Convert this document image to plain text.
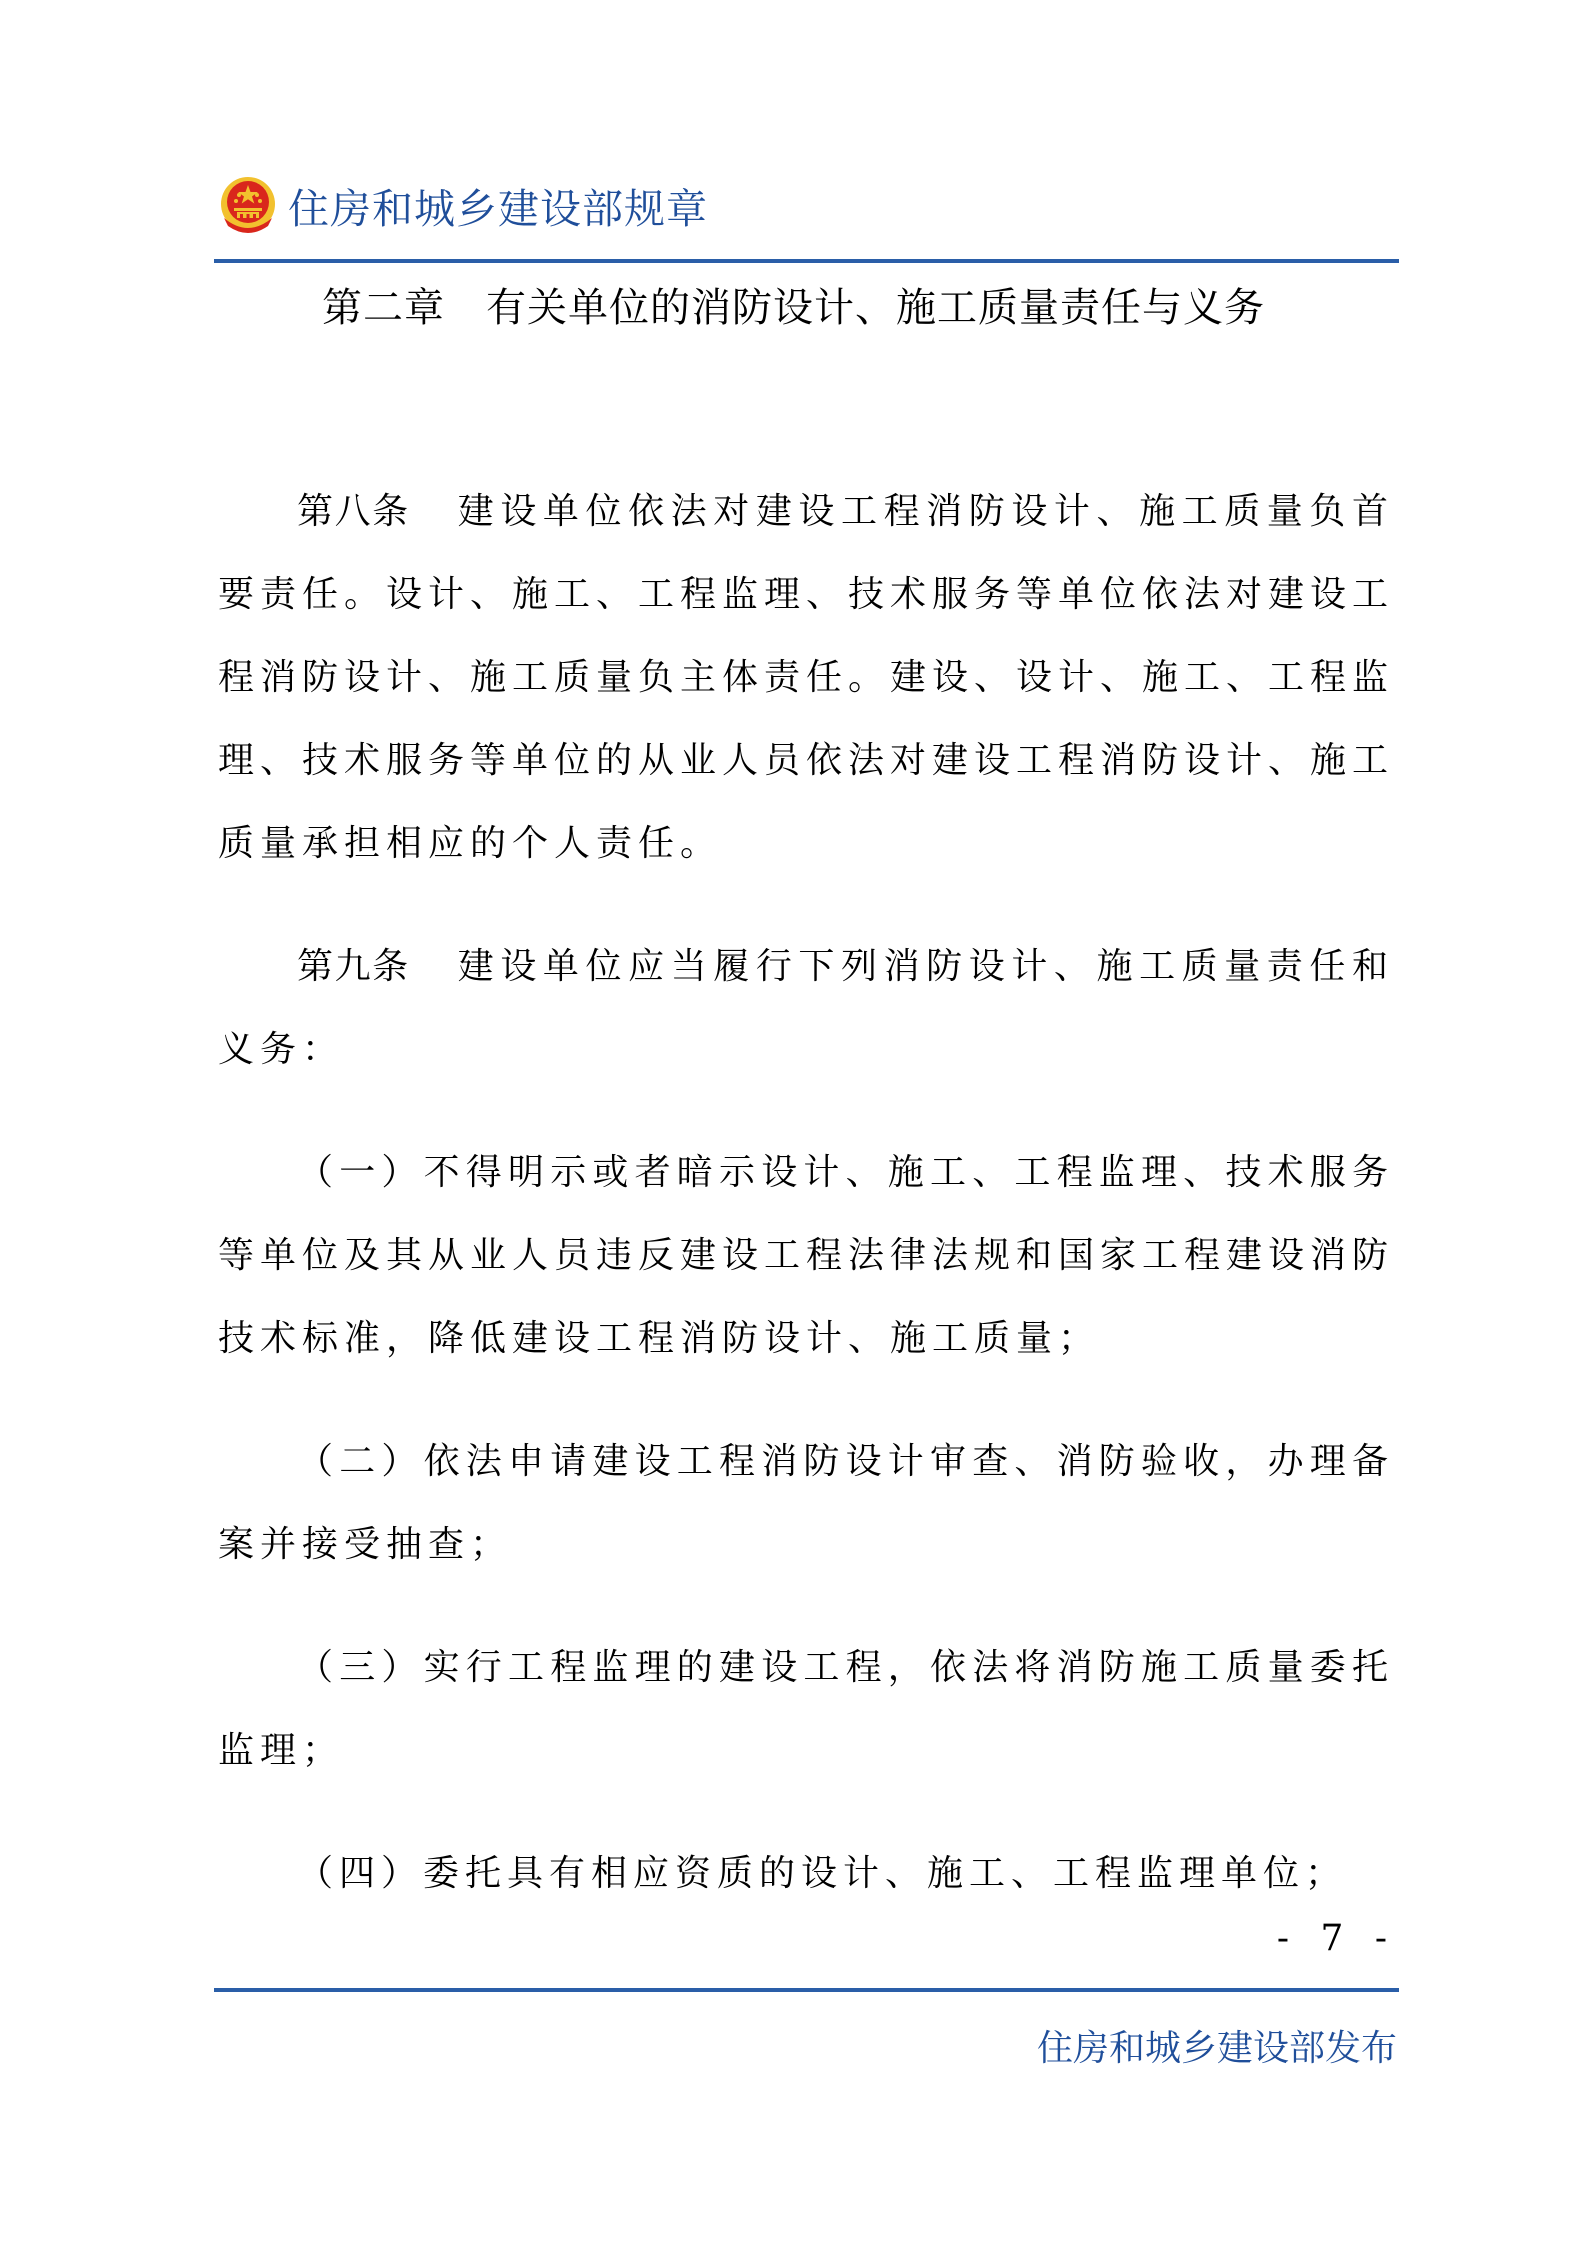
住房和城乡建设部规章
第二章　有关单位的消防设计、施工质量责任与义务

第八条 建设单位依法对建设工程消防设计、施工质量负首要责任。设计、施工、工程监理、技术服务等单位依法对建设工程消防设计、施工质量负主体责任。建设、设计、施工、工程监理、技术服务等单位的从业人员依法对建设工程消防设计、施工质量承担相应的个人责任。

第九条 建设单位应当履行下列消防设计、施工质量责任和义务：

（一）不得明示或者暗示设计、施工、工程监理、技术服务等单位及其从业人员违反建设工程法律法规和国家工程建设消防技术标准，降低建设工程消防设计、施工质量；

（二）依法申请建设工程消防设计审查、消防验收，办理备案并接受抽查；

（三）实行工程监理的建设工程，依法将消防施工质量委托监理；

（四）委托具有相应资质的设计、施工、工程监理单位；

- 7 -
住房和城乡建设部发布
